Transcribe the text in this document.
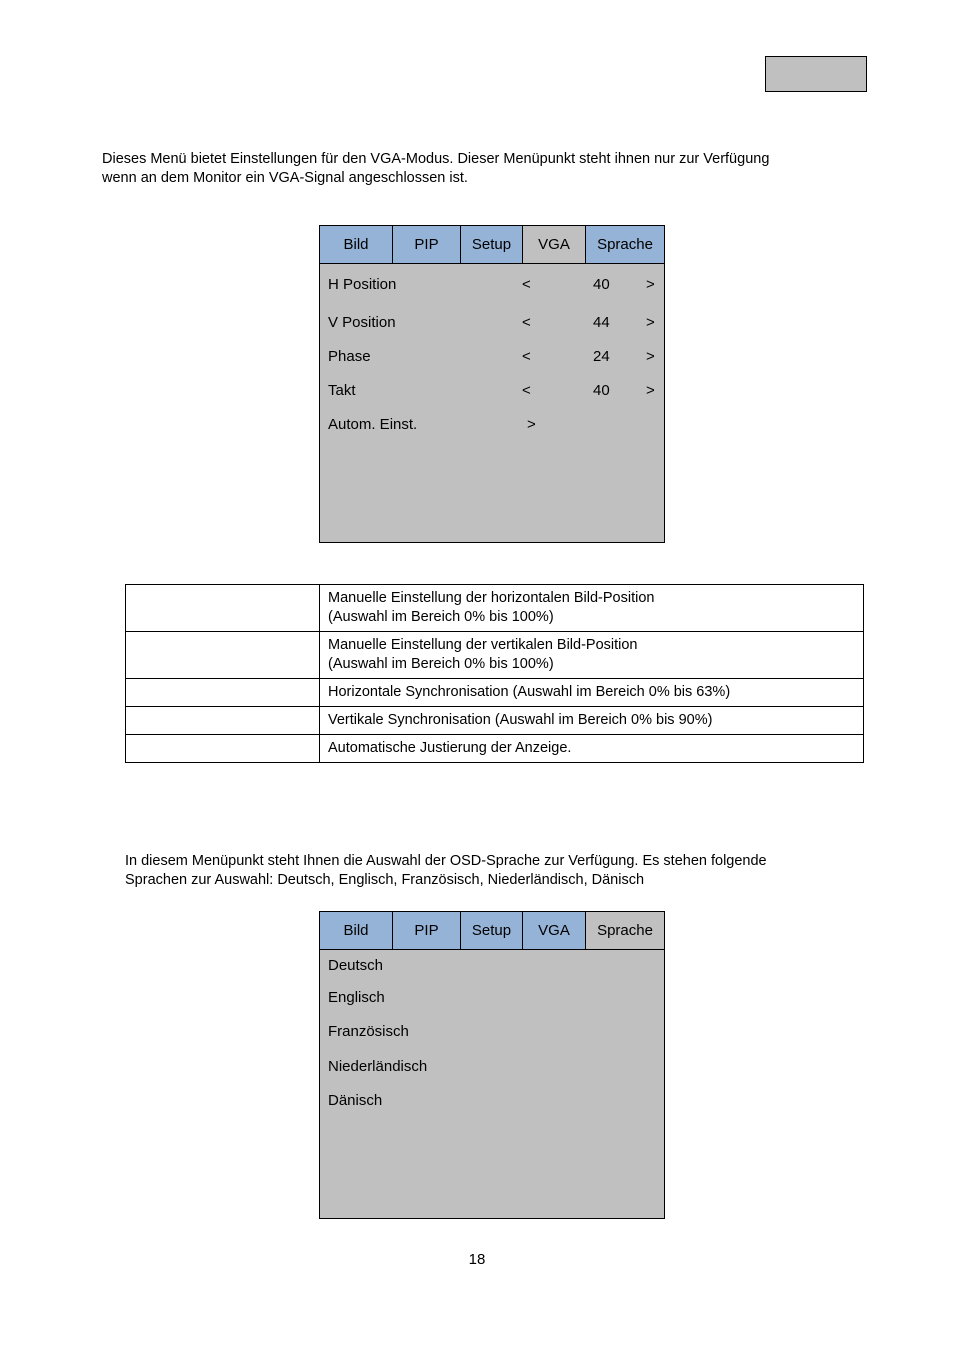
Dieses Menü bietet Einstellungen für den VGA-Modus. Dieser Menüpunkt steht ihnen nur zur Verfügung
wenn an dem Monitor ein VGA-Signal angeschlossen ist.

Bild	PIP	Setup	VGA	Sprache
H Position	<	40 >
V Position	<	44 >
Phase	<	24 >
Takt	<	40 >
Autom. Einst.	>

	Manuelle Einstellung der horizontalen Bild-Position
(Auswahl im Bereich 0% bis 100%)

	Manuelle Einstellung der vertikalen Bild-Position
(Auswahl im Bereich 0% bis 100%)

	Horizontale Synchronisation (Auswahl im Bereich 0% bis 63%)

	Vertikale Synchronisation (Auswahl im Bereich 0% bis 90%)

	Automatische Justierung der Anzeige.

In diesem Menüpunkt steht Ihnen die Auswahl der OSD-Sprache zur Verfügung. Es stehen folgende
Sprachen zur Auswahl: Deutsch, Englisch, Französisch, Niederländisch, Dänisch

Bild	PIP	Setup	VGA	Sprache
Deutsch
Englisch
Französisch
Niederländisch
Dänisch
18
